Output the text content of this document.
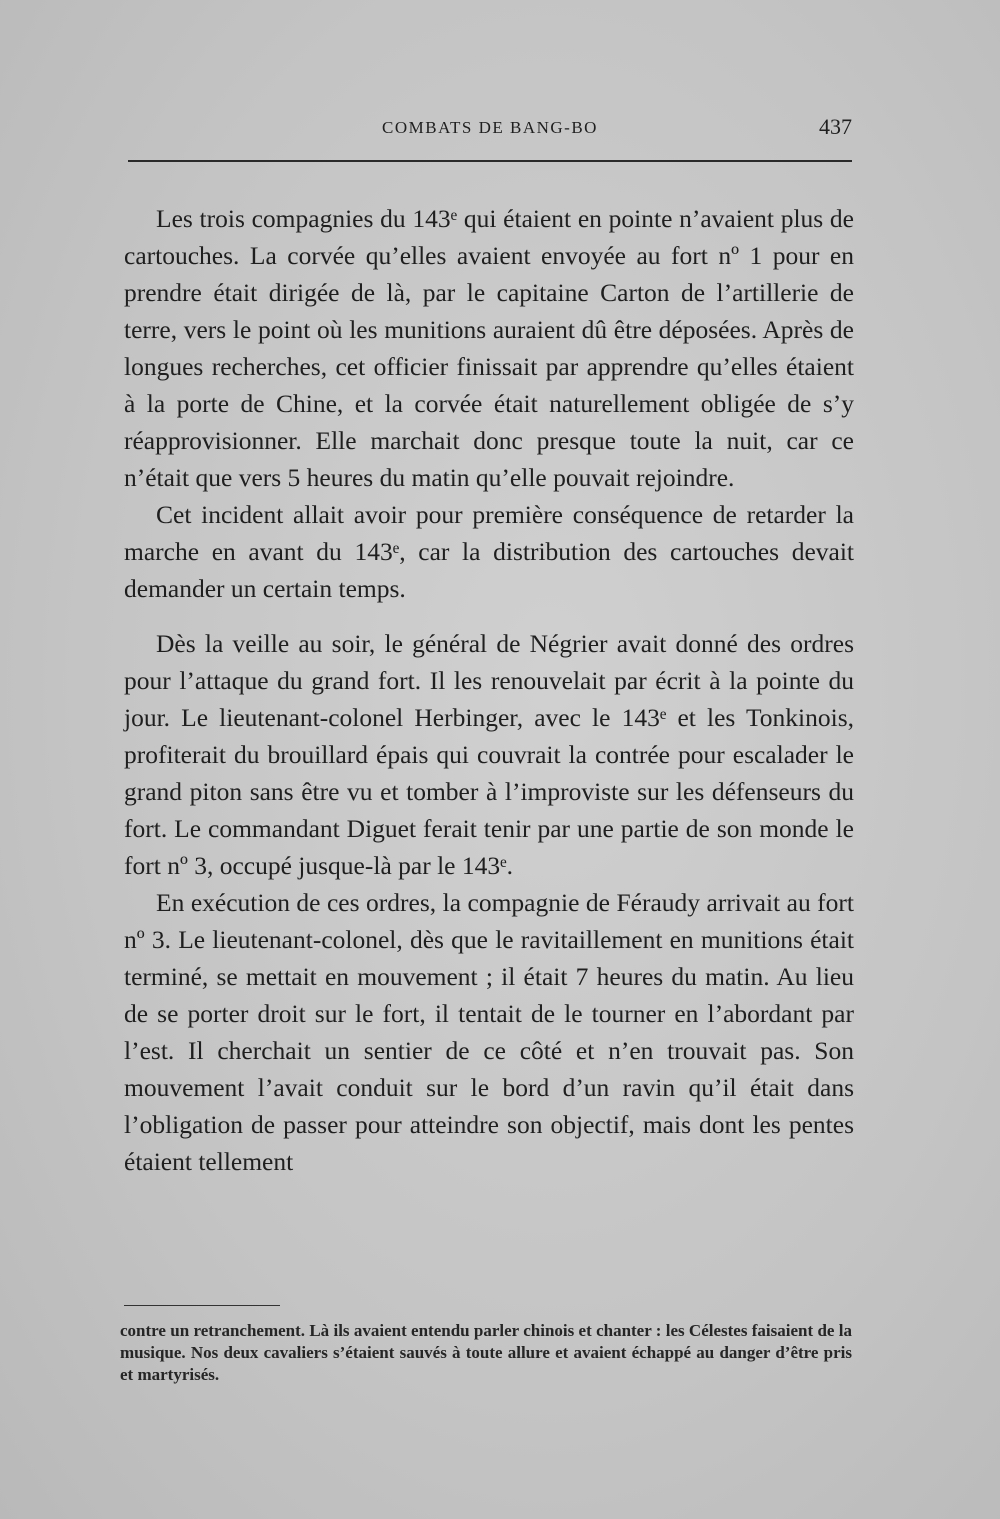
COMBATS DE BANG-BO	437

Les trois compagnies du 143ᵉ qui étaient en pointe n’avaient plus de cartouches. La corvée qu’elles avaient envoyée au fort nº 1 pour en prendre était dirigée de là, par le capitaine Carton de l’artillerie de terre, vers le point où les munitions auraient dû être déposées. Après de longues recherches, cet officier finissait par apprendre qu’elles étaient à la porte de Chine, et la corvée était naturellement obligée de s’y réapprovisionner. Elle marchait donc presque toute la nuit, car ce n’était que vers 5 heures du matin qu’elle pouvait rejoindre.

Cet incident allait avoir pour première conséquence de retarder la marche en avant du 143ᵉ, car la distribution des cartouches devait demander un certain temps.

Dès la veille au soir, le général de Négrier avait donné des ordres pour l’attaque du grand fort. Il les renouvelait par écrit à la pointe du jour. Le lieutenant-colonel Herbinger, avec le 143ᵉ et les Tonkinois, profiterait du brouillard épais qui couvrait la contrée pour escalader le grand piton sans être vu et tomber à l’improviste sur les défenseurs du fort. Le commandant Diguet ferait tenir par une partie de son monde le fort nº 3, occupé jusque-là par le 143ᵉ.

En exécution de ces ordres, la compagnie de Féraudy arrivait au fort nº 3. Le lieutenant-colonel, dès que le ravitaillement en munitions était terminé, se mettait en mouvement ; il était 7 heures du matin. Au lieu de se porter droit sur le fort, il tentait de le tourner en l’abordant par l’est. Il cherchait un sentier de ce côté et n’en trouvait pas. Son mouvement l’avait conduit sur le bord d’un ravin qu’il était dans l’obligation de passer pour atteindre son objectif, mais dont les pentes étaient tellement

contre un retranchement. Là ils avaient entendu parler chinois et chanter : les Célestes faisaient de la musique. Nos deux cavaliers s’étaient sauvés à toute allure et avaient échappé au danger d’être pris et martyrisés.
